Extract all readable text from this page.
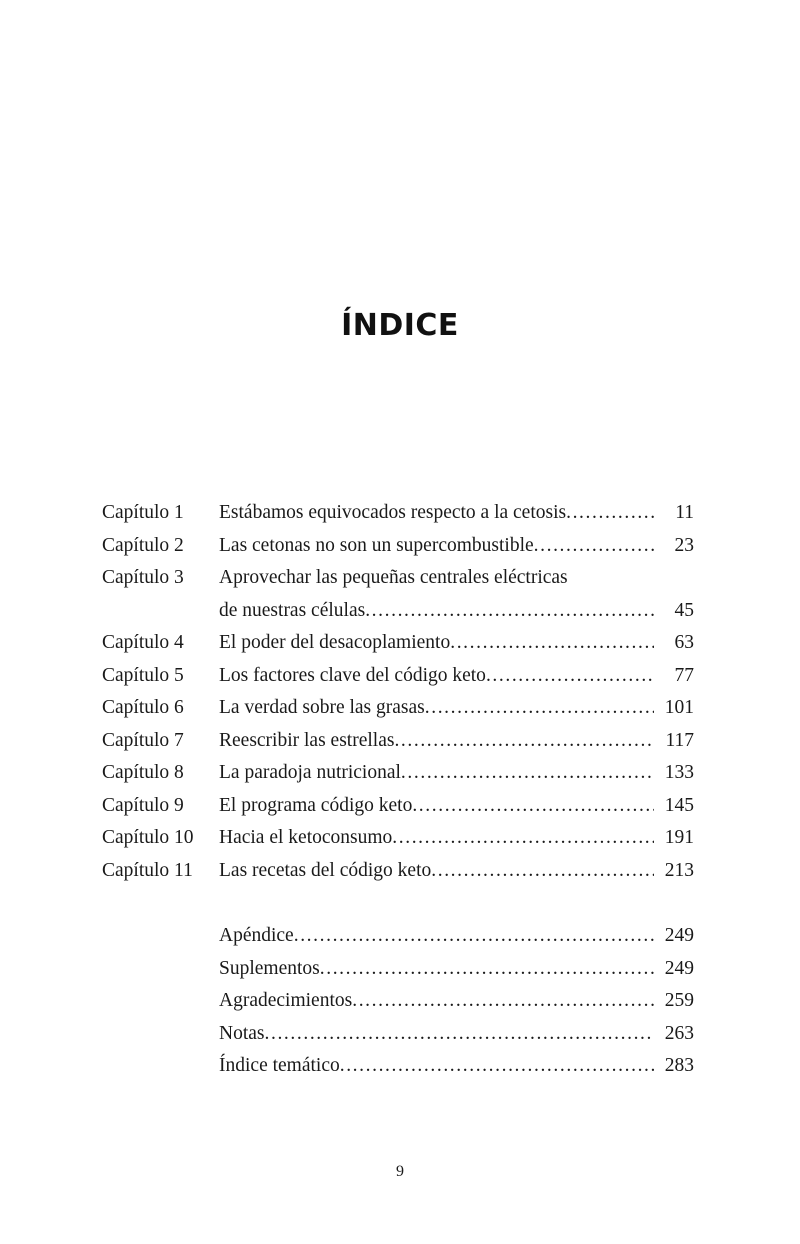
ÍNDICE
Capítulo 1	Estábamos equivocados respecto a la cetosis .....	11
Capítulo 2	Las cetonas no son un supercombustible .....	23
Capítulo 3	Aprovechar las pequeñas centrales eléctricas
de nuestras células .....	45
Capítulo 4	El poder del desacoplamiento .....	63
Capítulo 5	Los factores clave del código keto .....	77
Capítulo 6	La verdad sobre las grasas .....	101
Capítulo 7	Reescribir las estrellas .....	117
Capítulo 8	La paradoja nutricional .....	133
Capítulo 9	El programa código keto .....	145
Capítulo 10	Hacia el ketoconsumo .....	191
Capítulo 11	Las recetas del código keto .....	213
Apéndice .....	249
Suplementos .....	249
Agradecimientos .....	259
Notas .....	263
Índice temático .....	283
9
